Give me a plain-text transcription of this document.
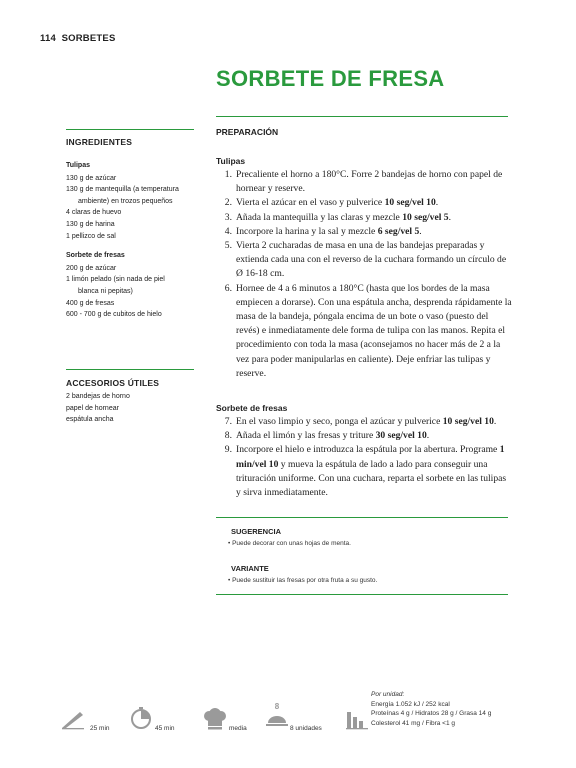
114 SORBETES
SORBETE DE FRESA
INGREDIENTES
Tulipas
130 g de azúcar
130 g de mantequilla (a temperatura
ambiente) en trozos pequeños
4 claras de huevo
130 g de harina
1 pellizco de sal
Sorbete de fresas
200 g de azúcar
1 limón pelado (sin nada de piel
blanca ni pepitas)
400 g de fresas
600 - 700 g de cubitos de hielo
ACCESORIOS ÚTILES
2 bandejas de horno
papel de hornear
espátula ancha
PREPARACIÓN
Tulipas
1. Precaliente el horno a 180°C. Forre 2 bandejas de horno con papel de hornear y reserve.
2. Vierta el azúcar en el vaso y pulverice 10 seg/vel 10.
3. Añada la mantequilla y las claras y mezcle 10 seg/vel 5.
4. Incorpore la harina y la sal y mezcle 6 seg/vel 5.
5. Vierta 2 cucharadas de masa en una de las bandejas preparadas y extienda cada una con el reverso de la cuchara formando un círculo de Ø 16-18 cm.
6. Hornee de 4 a 6 minutos a 180°C (hasta que los bordes de la masa empiecen a dorarse). Con una espátula ancha, desprenda rápidamente la masa de la bandeja, póngala encima de un bote o vaso (puesto del revés) e inmediatamente dele forma de tulipa con las manos. Repita el procedimiento con toda la masa (aconsejamos no hacer más de 2 a la vez para poder manipularlas en caliente). Deje enfriar las tulipas y reserve.
Sorbete de fresas
7. En el vaso limpio y seco, ponga el azúcar y pulverice 10 seg/vel 10.
8. Añada el limón y las fresas y triture 30 seg/vel 10.
9. Incorpore el hielo e introduzca la espátula por la abertura. Programe 1 min/vel 10 y mueva la espátula de lado a lado para conseguir una trituración uniforme. Con una cuchara, reparta el sorbete en las tulipas y sirva inmediatamente.
SUGERENCIA
• Puede decorar con unas hojas de menta.
VARIANTE
• Puede sustituir las fresas por otra fruta a su gusto.
25 min	45 min	media
8
8 unidades
Por unidad:
Energía 1.052 kJ / 252 kcal
Proteínas 4 g / Hidratos 28 g / Grasa 14 g
Colesterol 41 mg / Fibra <1 g
